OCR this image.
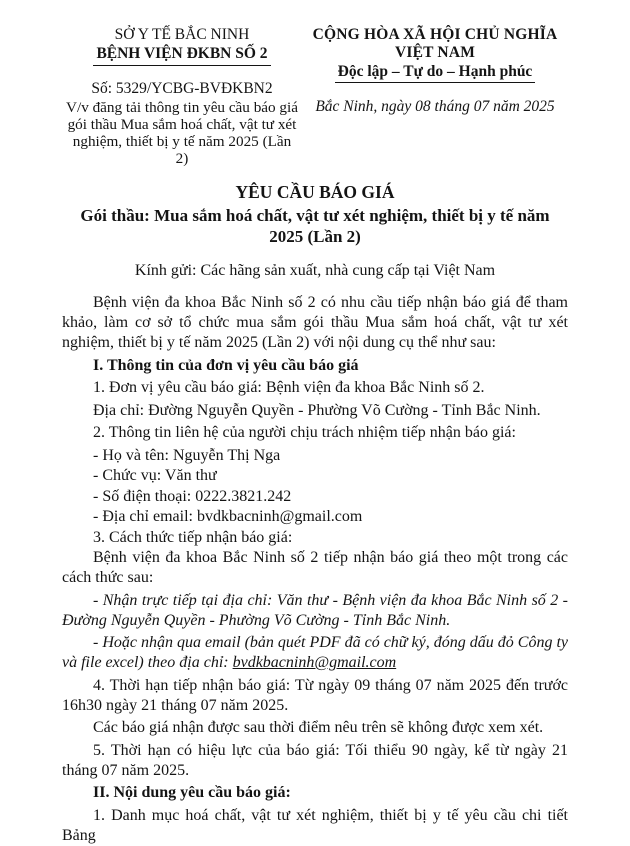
SỞ Y TẾ BẮC NINH
BỆNH VIỆN ĐKBN SỐ 2
Số: 5329/YCBG-BVĐKBN2
V/v đăng tải thông tin yêu cầu báo giá gói thầu Mua sắm hoá chất, vật tư xét nghiệm, thiết bị y tế năm 2025 (Lần 2)
CỘNG HÒA XÃ HỘI CHỦ NGHĨA VIỆT NAM
Độc lập – Tự do – Hạnh phúc
Bắc Ninh, ngày 08 tháng 07 năm 2025
YÊU CẦU BÁO GIÁ
Gói thầu: Mua sắm hoá chất, vật tư xét nghiệm, thiết bị y tế năm 2025 (Lần 2)
Kính gửi: Các hãng sản xuất, nhà cung cấp tại Việt Nam

Bệnh viện đa khoa Bắc Ninh số 2 có nhu cầu tiếp nhận báo giá để tham khảo, làm cơ sở tổ chức mua sắm gói thầu Mua sắm hoá chất, vật tư xét nghiệm, thiết bị y tế năm 2025 (Lần 2) với nội dung cụ thể như sau:

I. Thông tin của đơn vị yêu cầu báo giá

1. Đơn vị yêu cầu báo giá: Bệnh viện đa khoa Bắc Ninh số 2.

Địa chỉ: Đường Nguyễn Quyền - Phường Võ Cường - Tỉnh Bắc Ninh.

2. Thông tin liên hệ của người chịu trách nhiệm tiếp nhận báo giá:

- Họ và tên: Nguyễn Thị Nga

- Chức vụ: Văn thư

- Số điện thoại: 0222.3821.242

- Địa chỉ email: bvdkbacninh@gmail.com

3. Cách thức tiếp nhận báo giá:

Bệnh viện đa khoa Bắc Ninh số 2 tiếp nhận báo giá theo một trong các cách thức sau:

- Nhận trực tiếp tại địa chỉ: Văn thư - Bệnh viện đa khoa Bắc Ninh số 2 - Đường Nguyễn Quyền - Phường Võ Cường - Tỉnh Bắc Ninh.

- Hoặc nhận qua email (bản quét PDF đã có chữ ký, đóng dấu đỏ Công ty và file excel) theo địa chỉ: bvdkbacninh@gmail.com

4. Thời hạn tiếp nhận báo giá: Từ ngày 09 tháng 07 năm 2025 đến trước 16h30 ngày 21 tháng 07 năm 2025.

Các báo giá nhận được sau thời điểm nêu trên sẽ không được xem xét.

5. Thời hạn có hiệu lực của báo giá: Tối thiểu 90 ngày, kể từ ngày 21 tháng 07 năm 2025.

II. Nội dung yêu cầu báo giá:

1. Danh mục hoá chất, vật tư xét nghiệm, thiết bị y tế yêu cầu chi tiết Bảng
